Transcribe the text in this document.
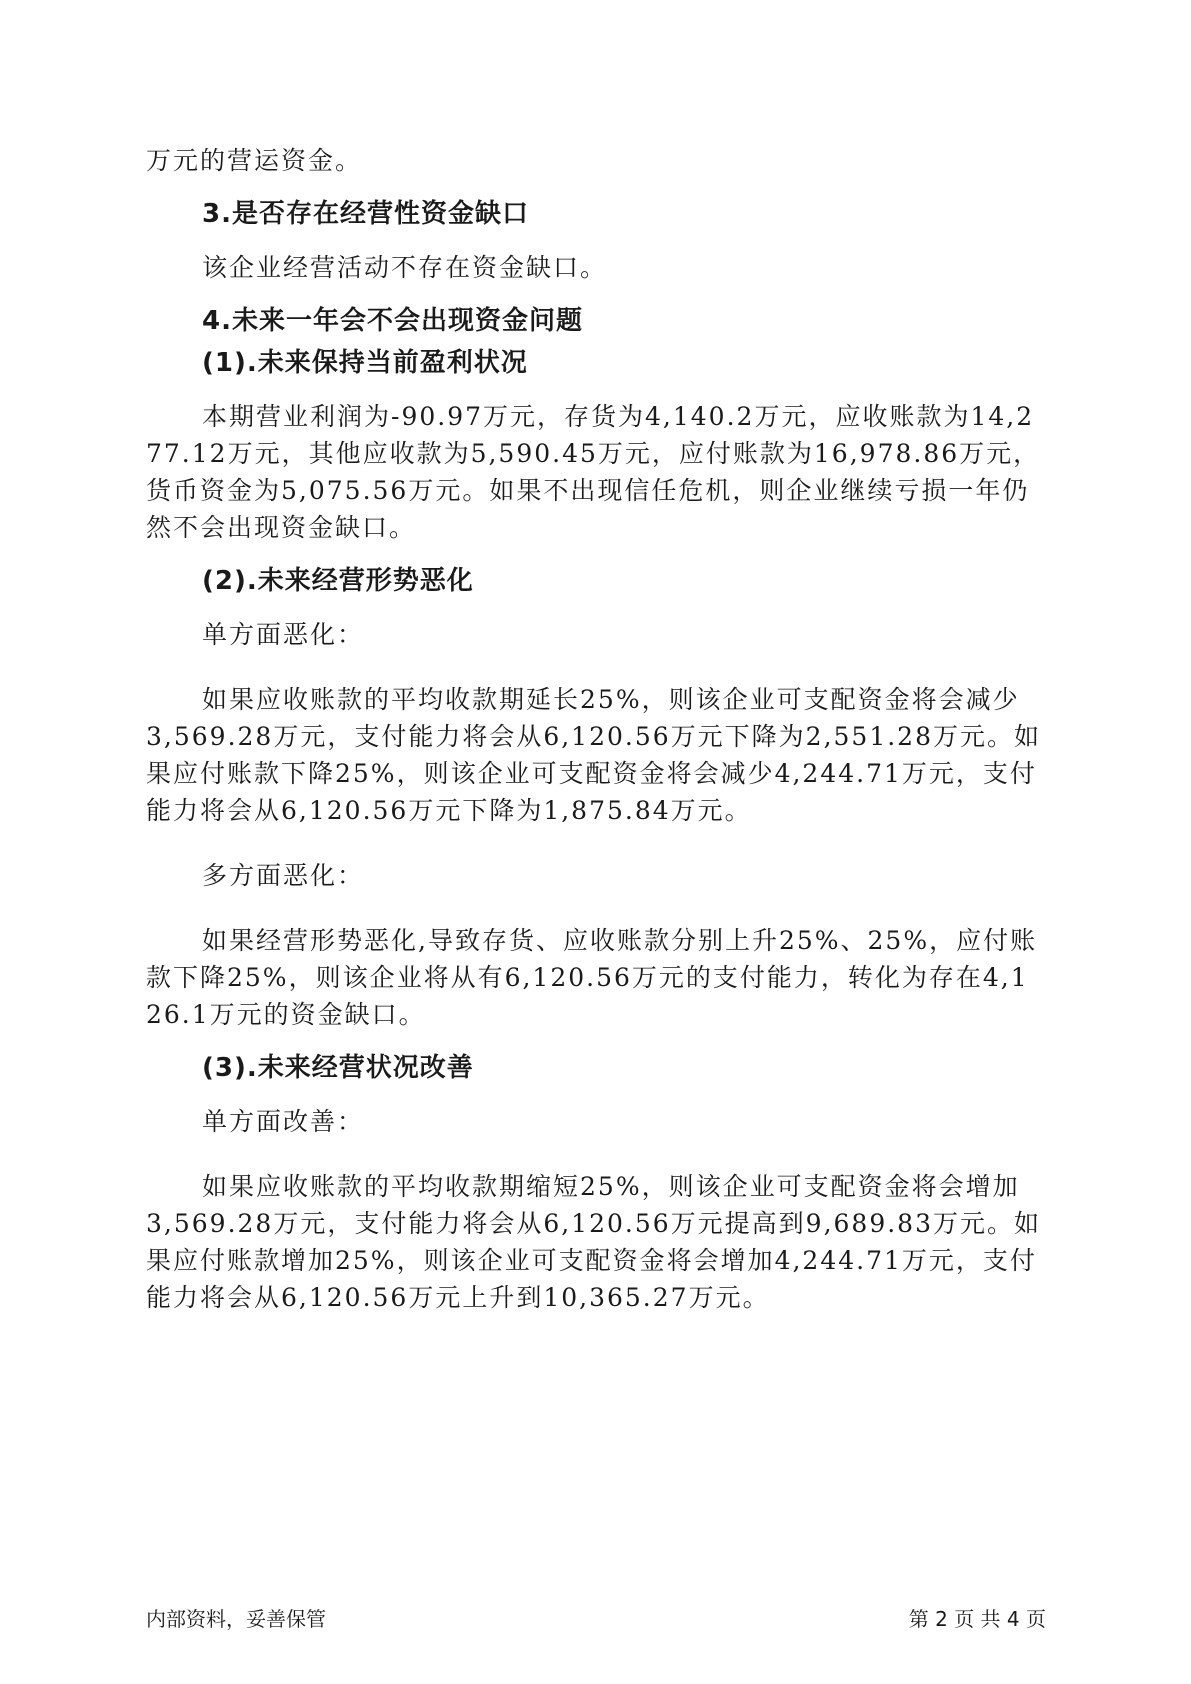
万元的营运资金。

3.是否存在经营性资金缺口

该企业经营活动不存在资金缺口。

4.未来一年会不会出现资金问题
(1).未来保持当前盈利状况

本期营业利润为-90.97万元，存货为4,140.2万元，应收账款为14,277.12万元，其他应收款为5,590.45万元，应付账款为16,978.86万元，货币资金为5,075.56万元。如果不出现信任危机，则企业继续亏损一年仍然不会出现资金缺口。

(2).未来经营形势恶化

单方面恶化：

如果应收账款的平均收款期延长25%，则该企业可支配资金将会减少3,569.28万元，支付能力将会从6,120.56万元下降为2,551.28万元。如果应付账款下降25%，则该企业可支配资金将会减少4,244.71万元，支付能力将会从6,120.56万元下降为1,875.84万元。

多方面恶化：

如果经营形势恶化,导致存货、应收账款分别上升25%、25%，应付账款下降25%，则该企业将从有6,120.56万元的支付能力，转化为存在4,126.1万元的资金缺口。

(3).未来经营状况改善

单方面改善：

如果应收账款的平均收款期缩短25%，则该企业可支配资金将会增加3,569.28万元，支付能力将会从6,120.56万元提高到9,689.83万元。如果应付账款增加25%，则该企业可支配资金将会增加4,244.71万元，支付能力将会从6,120.56万元上升到10,365.27万元。

内部资料，妥善保管	第 2 页 共 4 页
